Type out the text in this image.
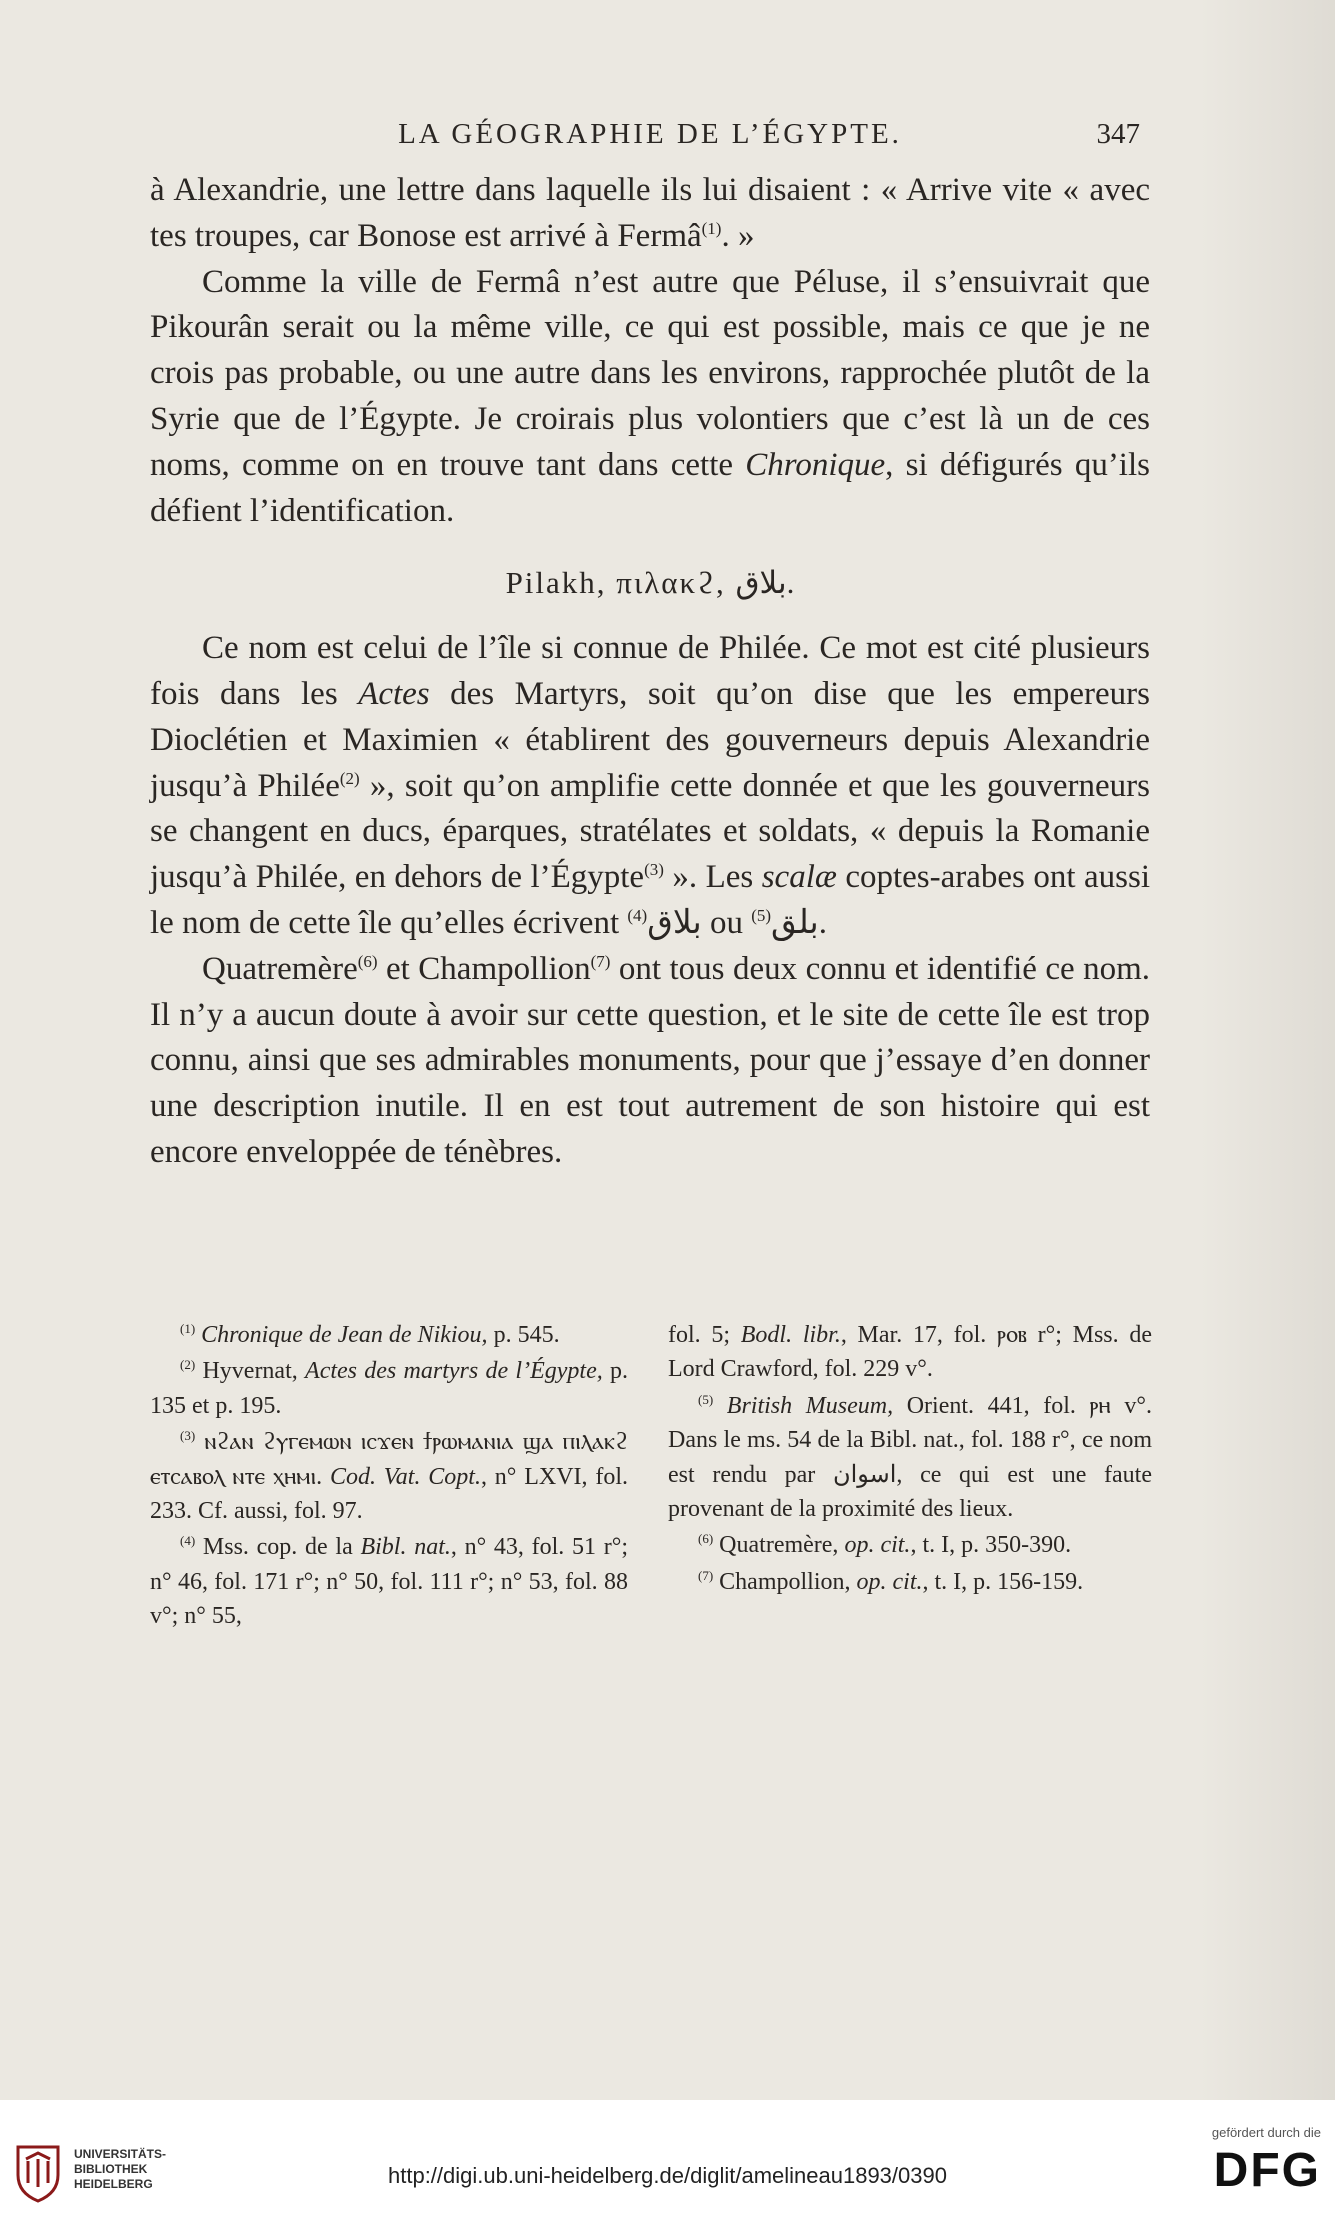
LA GÉOGRAPHIE DE L’ÉGYPTE.	347

à Alexandrie, une lettre dans laquelle ils lui disaient : « Arrive vite « avec tes troupes, car Bonose est arrivé à Fermâ$^{(1)}$. »

Comme la ville de Fermâ n’est autre que Péluse, il s’ensuivrait que Pikourân serait ou la même ville, ce qui est possible, mais ce que je ne crois pas probable, ou une autre dans les environs, rapprochée plutôt de la Syrie que de l’Égypte. Je croirais plus volontiers que c’est là un de ces noms, comme on en trouve tant dans cette Chronique, si défigurés qu’ils défient l’identification.

Pilakh, πιλακϩ, بلاق.

Ce nom est celui de l’île si connue de Philée. Ce mot est cité plusieurs fois dans les Actes des Martyrs, soit qu’on dise que les empereurs Dioclétien et Maximien « établirent des gouverneurs depuis Alexandrie jusqu’à Philée$^{(2)}$ », soit qu’on amplifie cette donnée et que les gouverneurs se changent en ducs, éparques, stratélates et soldats, « depuis la Romanie jusqu’à Philée, en dehors de l’Égypte$^{(3)}$ ». Les scalæ coptes-arabes ont aussi le nom de cette île qu’elles écrivent بلاق$^{(4)}$ ou بلق$^{(5)}$ .

Quatremère$^{(6)}$ et Champollion$^{(7)}$ ont tous deux connu et identifié ce nom. Il n’y a aucun doute à avoir sur cette question, et le site de cette île est trop connu, ainsi que ses admirables monuments, pour que j’essaye d’en donner une description inutile. Il en est tout autrement de son histoire qui est encore enveloppée de ténèbres.

$^{(1)}$ Chronique de Jean de Nikiou, p. 545.

$^{(2)}$ Hyvernat, Actes des martyrs de l’Égypte, p. 135 et p. 195.

$^{(3)}$ ⲛϩⲁⲛ ϩⲩⲅⲉⲙⲱⲛ ⲓⲥϫⲉⲛ ϯⲣⲱⲙⲁⲛⲓⲁ ϣⲁ ⲡⲓⲗⲁⲕϩ ⲉⲧⲥⲁⲃⲟⲗ ⲛⲧⲉ ⲭⲏⲙⲓ. Cod. Vat. Copt., n° LXVI, fol. 233. Cf. aussi, fol. 97.

$^{(4)}$ Mss. cop. de la Bibl. nat., n° 43, fol. 51 r°; n° 46, fol. 171 r°; n° 50, fol. 111 r°; n° 53, fol. 88 v°; n° 55,

fol. 5; Bodl. libr., Mar. 17, fol. ⲣⲟⲃ r°; Mss. de Lord Crawford, fol. 229 v°.

$^{(5)}$ British Museum, Orient. 441, fol. ⲣⲏ v°. Dans le ms. 54 de la Bibl. nat., fol. 188 r°, ce nom est rendu par اسوان, ce qui est une faute provenant de la proximité des lieux.

$^{(6)}$ Quatremère, op. cit., t. I, p. 350-390.

$^{(7)}$ Champollion, op. cit., t. I, p. 156-159.

UNIVERSITÄTS-
BIBLIOTHEK
HEIDELBERG	http://digi.ub.uni-heidelberg.de/diglit/amelineau1893/0390
gefördert durch die
DFG
